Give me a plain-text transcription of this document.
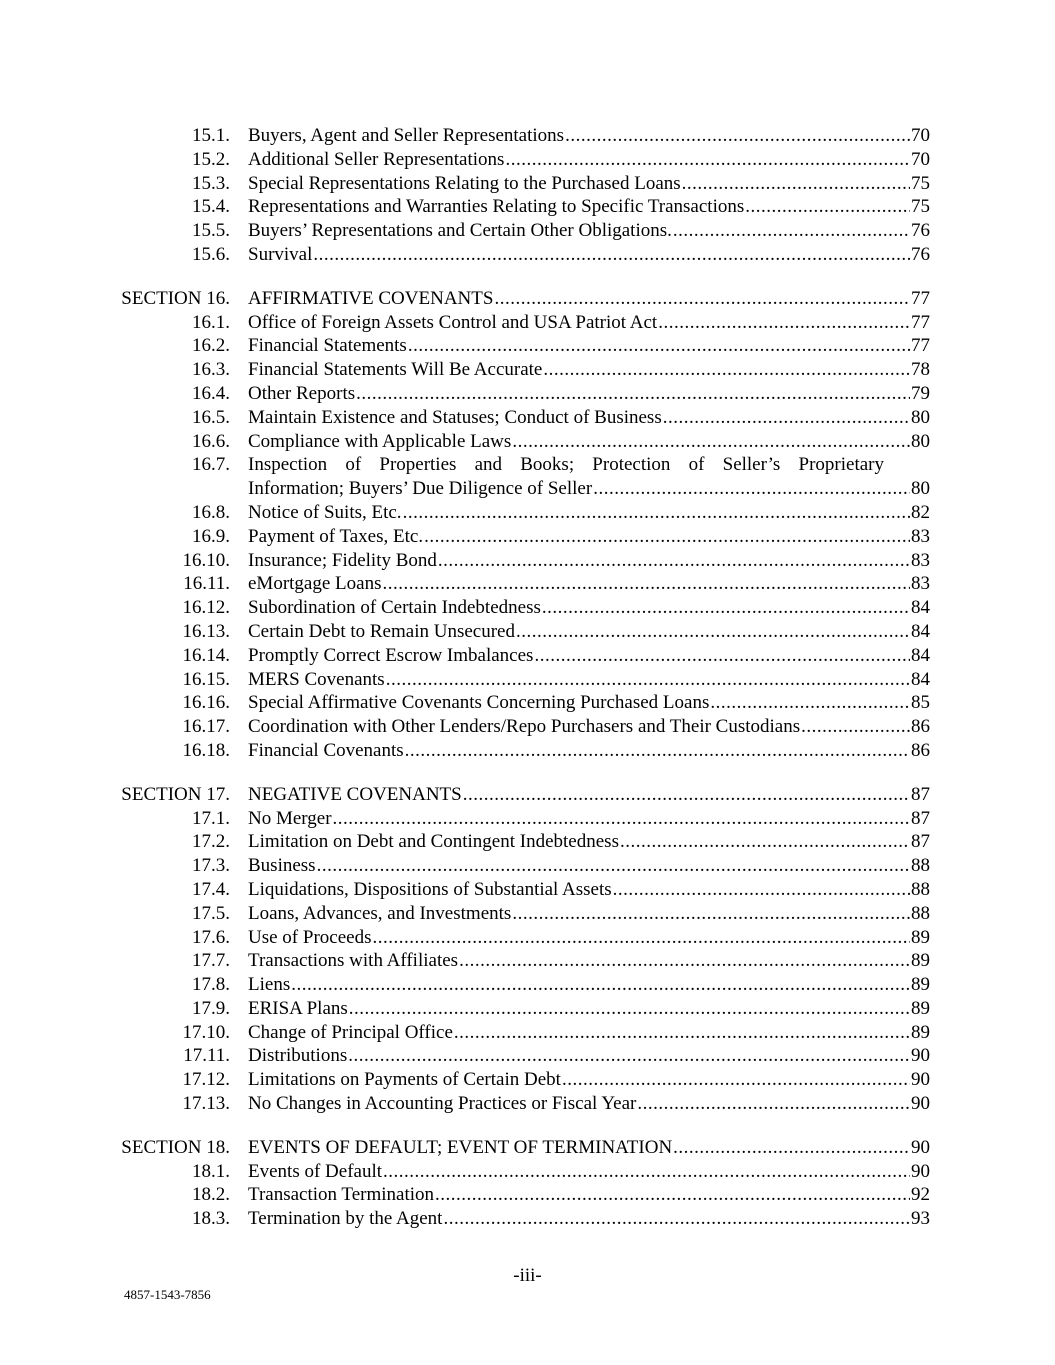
15.1. Buyers, Agent and Seller Representations .....	70
15.2. Additional Seller Representations .....	70
15.3. Special Representations Relating to the Purchased Loans .....	75
15.4. Representations and Warranties Relating to Specific Transactions .....	75
15.5. Buyers’ Representations and Certain Other Obligations. .....	76
15.6. Survival .....	76
SECTION 16. AFFIRMATIVE COVENANTS .....	77
16.1. Office of Foreign Assets Control and USA Patriot Act .....	77
16.2. Financial Statements .....	77
16.3. Financial Statements Will Be Accurate .....	78
16.4. Other Reports .....	79
16.5. Maintain Existence and Statuses; Conduct of Business .....	80
16.6. Compliance with Applicable Laws .....	80
16.7. Inspection of Properties and Books; Protection of Seller’s Proprietary
Information; Buyers’ Due Diligence of Seller .....	80
16.8. Notice of Suits, Etc. .....	82
16.9. Payment of Taxes, Etc. .....	83
16.10. Insurance; Fidelity Bond .....	83
16.11. eMortgage Loans .....	83
16.12. Subordination of Certain Indebtedness .....	84
16.13. Certain Debt to Remain Unsecured .....	84
16.14. Promptly Correct Escrow Imbalances .....	84
16.15. MERS Covenants .....	84
16.16. Special Affirmative Covenants Concerning Purchased Loans .....	85
16.17. Coordination with Other Lenders/Repo Purchasers and Their Custodians .....	86
16.18. Financial Covenants .....	86
SECTION 17. NEGATIVE COVENANTS .....	87
17.1. No Merger .....	87
17.2. Limitation on Debt and Contingent Indebtedness .....	87
17.3. Business .....	88
17.4. Liquidations, Dispositions of Substantial Assets .....	88
17.5. Loans, Advances, and Investments .....	88
17.6. Use of Proceeds .....	89
17.7. Transactions with Affiliates .....	89
17.8. Liens .....	89
17.9. ERISA Plans .....	89
17.10. Change of Principal Office .....	89
17.11. Distributions .....	90
17.12. Limitations on Payments of Certain Debt .....	90
17.13. No Changes in Accounting Practices or Fiscal Year .....	90
SECTION 18. EVENTS OF DEFAULT; EVENT OF TERMINATION .....	90
18.1. Events of Default .....	90
18.2. Transaction Termination .....	92
18.3. Termination by the Agent .....	93
-iii-
4857-1543-7856
